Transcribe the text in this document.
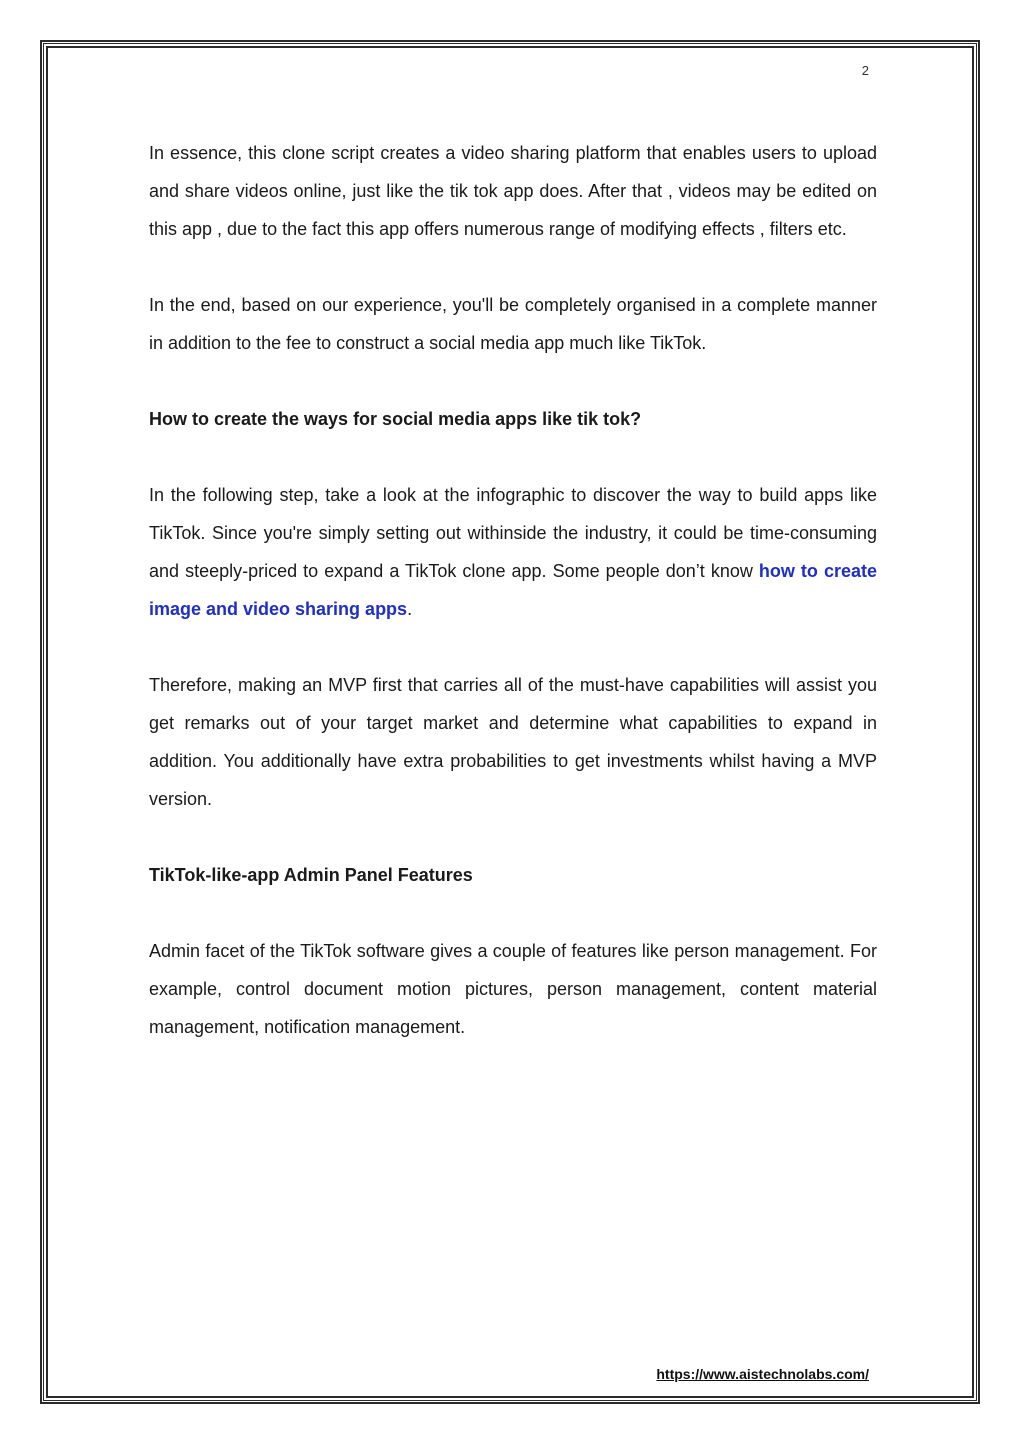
2

In essence, this clone script creates a video sharing platform that enables users to upload and share videos online, just like the tik tok app does. After that , videos may be edited on this app , due to the fact this app offers numerous range of modifying effects , filters etc.

In the end, based on our experience, you'll be completely organised in a complete manner in addition to the fee to construct a social media app much like TikTok.

How to create the ways for social media apps like tik tok?

In the following step, take a look at the infographic to discover the way to build apps like TikTok. Since you're simply setting out withinside the industry, it could be time-consuming and steeply-priced to expand a TikTok clone app. Some people don’t know how to create image and video sharing apps.

Therefore, making an MVP first that carries all of the must-have capabilities will assist you get remarks out of your target market and determine what capabilities to expand in addition. You additionally have extra probabilities to get investments whilst having a MVP version.

TikTok-like-app Admin Panel Features

Admin facet of the TikTok software gives a couple of features like person management. For example, control document motion pictures, person management, content material management, notification management.

https://www.aistechnolabs.com/
